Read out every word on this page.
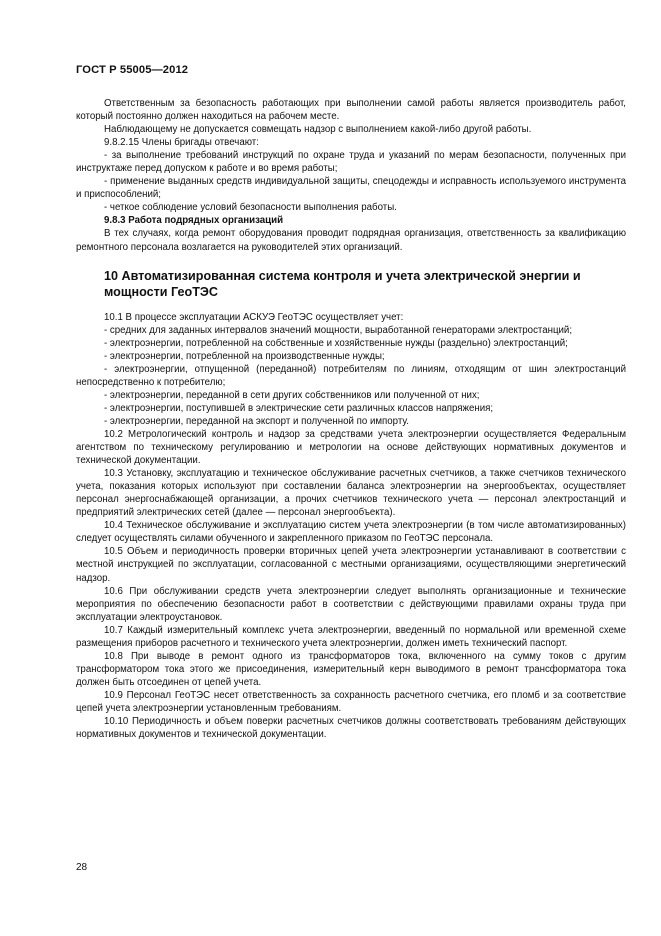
ГОСТ Р 55005—2012

Ответственным за безопасность работающих при выполнении самой работы является производитель работ, который постоянно должен находиться на рабочем месте.

Наблюдающему не допускается совмещать надзор с выполнением какой-либо другой работы.

9.8.2.15 Члены бригады отвечают:

- за выполнение требований инструкций по охране труда и указаний по мерам безопасности, полученных при инструктаже перед допуском к работе и во время работы;

- применение выданных средств индивидуальной защиты, спецодежды и исправность используемого инструмента и приспособлений;

- четкое соблюдение условий безопасности выполнения работы.

9.8.3 Работа подрядных организаций

В тех случаях, когда ремонт оборудования проводит подрядная организация, ответственность за квалификацию ремонтного персонала возлагается на руководителей этих организаций.

10 Автоматизированная система контроля и учета электрической энергии и мощности ГеоТЭС

10.1 В процессе эксплуатации АСКУЭ ГеоТЭС осуществляет учет:

- средних для заданных интервалов значений мощности, выработанной генераторами электростанций;

- электроэнергии, потребленной на собственные и хозяйственные нужды (раздельно) электростанций;

- электроэнергии, потребленной на производственные нужды;

- электроэнергии, отпущенной (переданной) потребителям по линиям, отходящим от шин электростанций непосредственно к потребителю;

- электроэнергии, переданной в сети других собственников или полученной от них;

- электроэнергии, поступившей в электрические сети различных классов напряжения;

- электроэнергии, переданной на экспорт и полученной по импорту.

10.2 Метрологический контроль и надзор за средствами учета электроэнергии осуществляется Федеральным агентством по техническому регулированию и метрологии на основе действующих нормативных документов и технической документации.

10.3 Установку, эксплуатацию и техническое обслуживание расчетных счетчиков, а также счетчиков технического учета, показания которых используют при составлении баланса электроэнергии на энергообъектах, осуществляет персонал энергоснабжающей организации, а прочих счетчиков технического учета — персонал электростанций и предприятий электрических сетей (далее — персонал энергообъекта).

10.4 Техническое обслуживание и эксплуатацию систем учета электроэнергии (в том числе автоматизированных) следует осуществлять силами обученного и закрепленного приказом по ГеоТЭС персонала.

10.5 Объем и периодичность проверки вторичных цепей учета электроэнергии устанавливают в соответствии с местной инструкцией по эксплуатации, согласованной с местными организациями, осуществляющими энергетический надзор.

10.6 При обслуживании средств учета электроэнергии следует выполнять организационные и технические мероприятия по обеспечению безопасности работ в соответствии с действующими правилами охраны труда при эксплуатации электроустановок.

10.7 Каждый измерительный комплекс учета электроэнергии, введенный по нормальной или временной схеме размещения приборов расчетного и технического учета электроэнергии, должен иметь технический паспорт.

10.8 При выводе в ремонт одного из трансформаторов тока, включенного на сумму токов с другим трансформатором тока этого же присоединения, измерительный керн выводимого в ремонт трансформатора тока должен быть отсоединен от цепей учета.

10.9 Персонал ГеоТЭС несет ответственность за сохранность расчетного счетчика, его пломб и за соответствие цепей учета электроэнергии установленным требованиям.

10.10 Периодичность и объем поверки расчетных счетчиков должны соответствовать требованиям действующих нормативных документов и технической документации.

28
